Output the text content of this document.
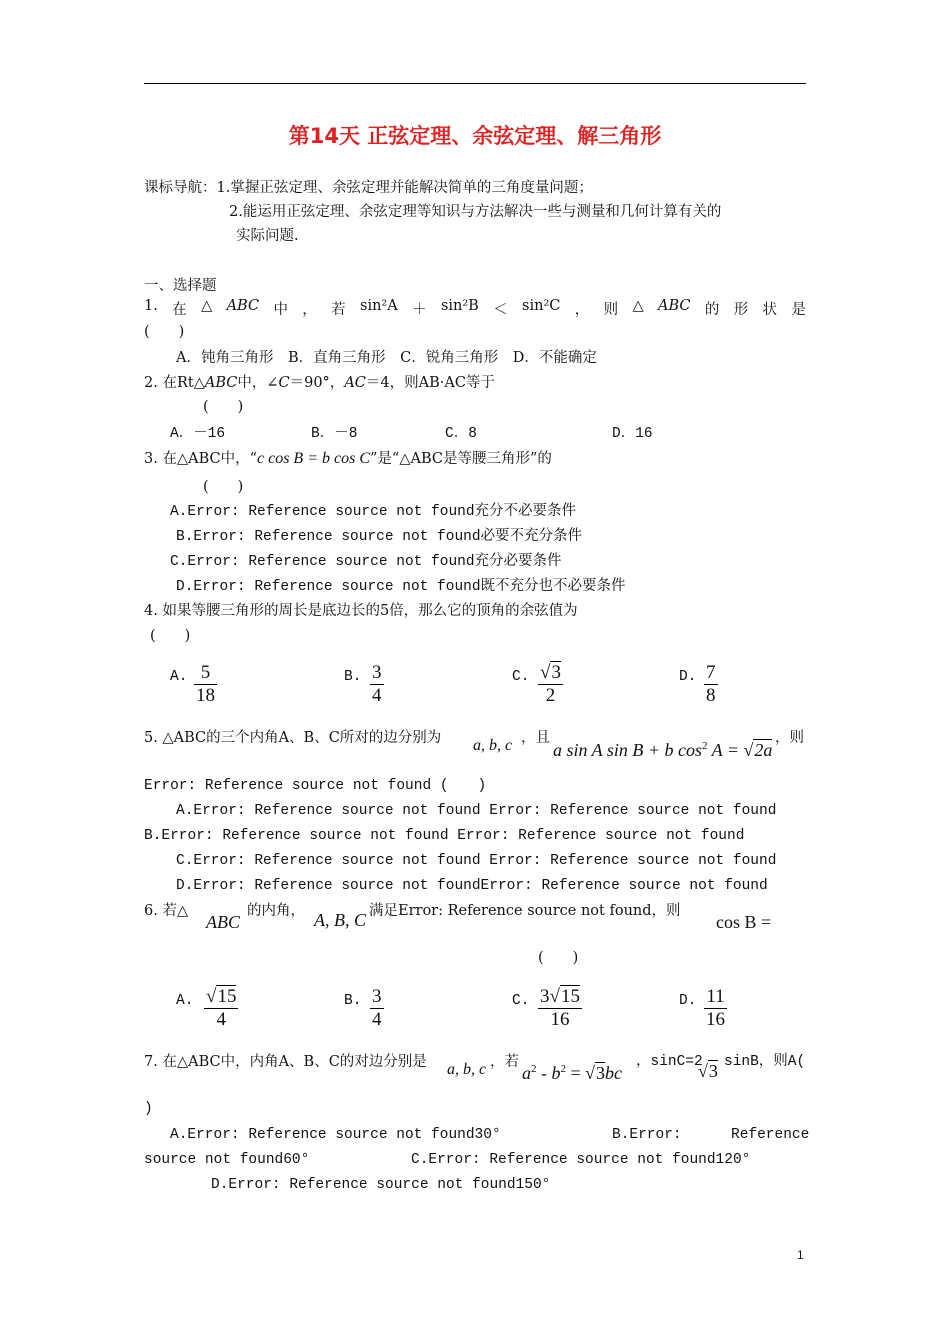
第14天 正弦定理、余弦定理、解三角形
课标导航：1.掌握正弦定理、余弦定理并能解决简单的三角度量问题；
2.能运用正弦定理、余弦定理等知识与方法解决一些与测量和几何计算有关的
实际问题.
一、选择题
1. 在 △ ABC 中 ， 若 sin²A ＋ sin²B ＜ sin²C ， 则 △ ABC 的 形 状 是
(　　)
A．钝角三角形　B．直角三角形　C．锐角三角形　D．不能确定
2. 在Rt△ABC中，∠C＝90°，AC＝4，则AB·AC等于
(　　)
A．－16	B．－8	C．8	D．16
3. 在△ABC中，“c cos B = b cos C”是“△ABC是等腰三角形”的
(　　)
A.Error: Reference source not found充分不必要条件
B.Error: Reference source not found必要不充分条件
C.Error: Reference source not found充分必要条件
D.Error: Reference source not found既不充分也不必要条件
4. 如果等腰三角形的周长是底边长的5倍，那么它的顶角的余弦值为
(　　)
A. $\frac{5}{18}$	B. $\frac{3}{4}$	C. $\frac{√3}{2}$	D. $\frac{7}{8}$
5. △ABC的三个内角A、B、C所对的边分别为 a, b, c ，且
a sin A sin B + b $\cos^2 A = √2a$
，则
Error: Reference source not found (　　)
A.Error: Reference source not found Error: Reference source not found
B.Error: Reference source not found Error: Reference source not found
C.Error: Reference source not found Error: Reference source not found
D.Error: Reference source not foundError: Reference source not found
6. 若△
ABC
的内角， A, B, C 满足Error: Reference source not found，则
cos B =
(　　)
A. $\frac{√15}{4}$	B. $\frac{3}{4}$	C. $\frac{3√15}{16}$	D. $\frac{11}{16}$
7. 在△ABC中，内角A、B、C的对边分别是 a, b, c ，若
$a^2 - b^2 = √3bc$
，sinC=2
√3 sinB，则A(
)
A.Error: Reference source not found30°	B.Error:	Reference
source not found60°	C.Error: Reference source not found120°
D.Error: Reference source not found150°
1
